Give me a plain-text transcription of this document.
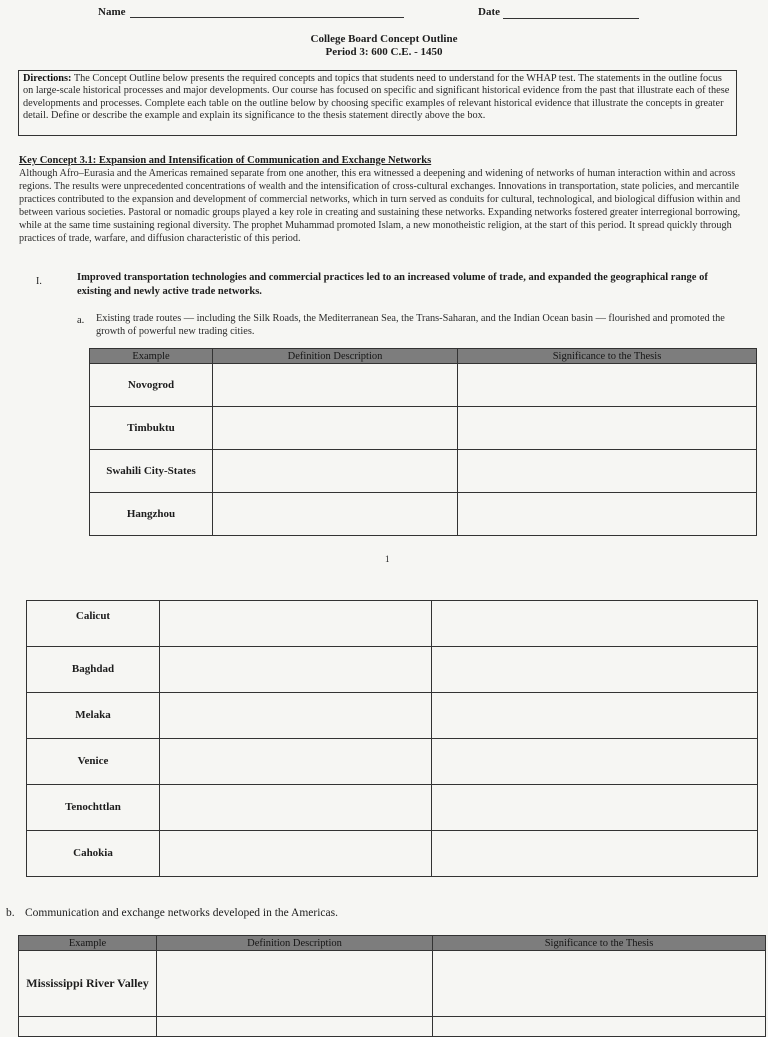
Name	Date
College Board Concept Outline
Period 3: 600 C.E. - 1450
Directions: The Concept Outline below presents the required concepts and topics that students need to understand for the WHAP test. The statements in the outline focus on large-scale historical processes and major developments. Our course has focused on specific and significant historical evidence from the past that illustrate each of these developments and processes. Complete each table on the outline below by choosing specific examples of relevant historical evidence that illustrate the concepts in greater detail. Define or describe the example and explain its significance to the thesis statement directly above the box.
Key Concept 3.1: Expansion and Intensification of Communication and Exchange Networks
Although Afro–Eurasia and the Americas remained separate from one another, this era witnessed a deepening and widening of networks of human interaction within and across regions. The results were unprecedented concentrations of wealth and the intensification of cross-cultural exchanges. Innovations in transportation, state policies, and mercantile practices contributed to the expansion and development of commercial networks, which in turn served as conduits for cultural, technological, and biological diffusion within and between various societies. Pastoral or nomadic groups played a key role in creating and sustaining these networks. Expanding networks fostered greater interregional borrowing, while at the same time sustaining regional diversity. The prophet Muhammad promoted Islam, a new monotheistic religion, at the start of this period. It spread quickly through practices of trade, warfare, and diffusion characteristic of this period.
I.	Improved transportation technologies and commercial practices led to an increased volume of trade, and expanded the geographical range of existing and newly active trade networks.
a. Existing trade routes — including the Silk Roads, the Mediterranean Sea, the Trans-Saharan, and the Indian Ocean basin — flourished and promoted the growth of powerful new trading cities.
Example	Definition Description	Significance to the Thesis
Novogrod		
Timbuktu		
Swahili City-States		
Hangzhou		
1
Calicut		
Baghdad		
Melaka		
Venice		
Tenochttlan		
Cahokia		
b. Communication and exchange networks developed in the Americas.
Example	Definition Description	Significance to the Thesis
Mississippi River Valley		
